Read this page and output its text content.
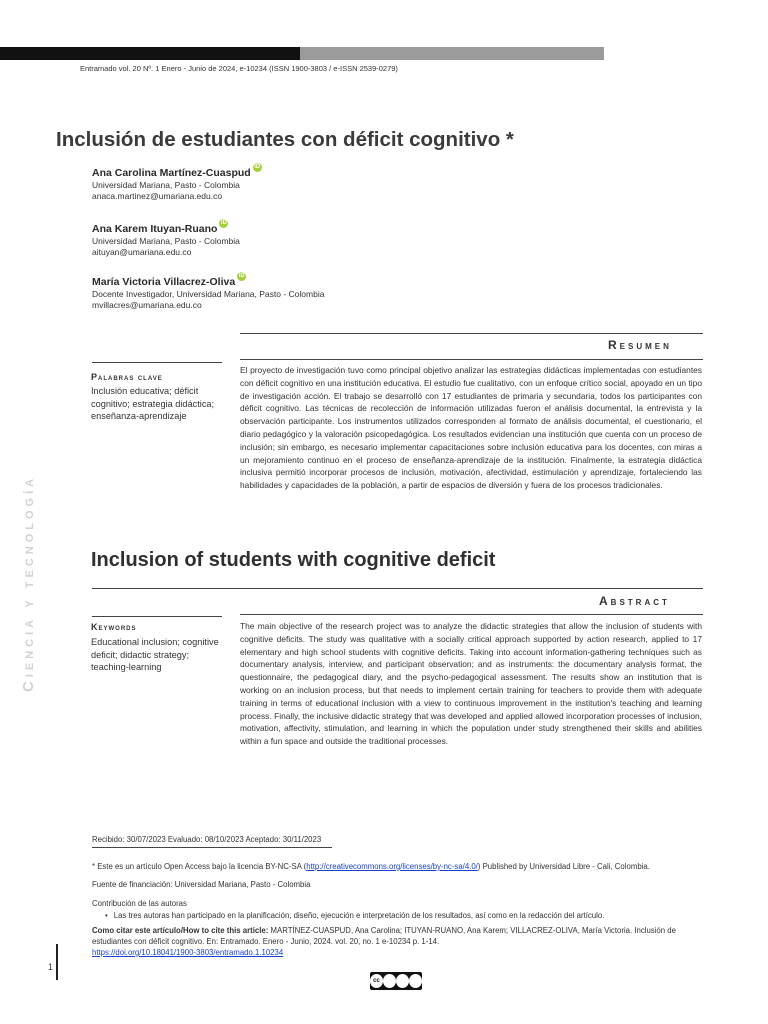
Entramado vol. 20 Nº. 1 Enero - Junio de 2024, e-10234 (ISSN 1900-3803 / e-ISSN 2539-0279)
Inclusión de estudiantes con déficit cognitivo *
Ana Carolina Martínez-Cuaspud iD
Universidad Mariana, Pasto - Colombia
anaca.martinez@umariana.edu.co
Ana Karem Ituyan-Ruano iD
Universidad Mariana, Pasto - Colombia
aituyan@umariana.edu.co
María Victoria Villacrez-Oliva iD
Docente Investigador, Universidad Mariana, Pasto - Colombia
mvillacres@umariana.edu.co
Resumen
Palabras clave
Inclusión educativa; déficit cognitivo; estrategia didáctica; enseñanza-aprendizaje

El proyecto de investigación tuvo como principal objetivo analizar las estrategias didácticas implementadas con estudiantes con déficit cognitivo en una institución educativa. El estudio fue cualitativo, con un enfoque crítico social, apoyado en un tipo de investigación acción. El trabajo se desarrolló con 17 estudiantes de primaria y secundaria, todos los participantes con déficit cognitivo. Las técnicas de recolección de información utilizadas fueron el análisis documental, la entrevista y la observación participante. Los instrumentos utilizados corresponden al formato de análisis documental, el cuestionario, el diario pedagógico y la valoración psicopedagógica. Los resultados evidencian una institución que cuenta con un proceso de inclusión; sin embargo, es necesario implementar capacitaciones sobre inclusión educativa para los docentes, con miras a un mejoramiento continuo en el proceso de enseñanza-aprendizaje de la institución. Finalmente, la estrategia didáctica inclusiva permitió incorporar procesos de inclusión, motivación, afectividad, estimulación y aprendizaje, fortaleciendo las habilidades y capacidades de la población, a partir de espacios de diversión y fuera de los procesos tradicionales.

Inclusion of students with cognitive deficit
Abstract
Keywords
Educational inclusion; cognitive deficit; didactic strategy; teaching-learning

The main objective of the research project was to analyze the didactic strategies that allow the inclusion of students with cognitive deficits. The study was qualitative with a socially critical approach supported by action research, applied to 17 elementary and high school students with cognitive deficits. Taking into account information-gathering techniques such as documentary analysis, interview, and participant observation; and as instruments: the documentary analysis format, the questionnaire, the pedagogical diary, and the psycho-pedagogical assessment. The results show an institution that is working on an inclusion process, but that needs to implement certain training for teachers to provide them with adequate training in terms of educational inclusion with a view to continuous improvement in the institution's teaching and learning process. Finally, the inclusive didactic strategy that was developed and applied allowed incorporation processes of inclusion, motivation, affectivity, stimulation, and learning in which the population under study strengthened their skills and abilities within a fun space and outside the traditional processes.

Ciencia y tecnología
Recibido: 30/07/2023 Evaluado: 08/10/2023 Aceptado: 30/11/2023
* Este es un artículo Open Access bajo la licencia BY-NC-SA (http://creativecommons.org/licenses/by-nc-sa/4.0/) Published by Universidad Libre - Cali, Colombia.
Fuente de financiación: Universidad Mariana, Pasto - Colombia
Contribución de las autoras
• Las tres autoras han participado en la planificación, diseño, ejecución e interpretación de los resultados, así como en la redacción del artículo.
Como citar este artículo/How to cite this article: MARTÍNEZ-CUASPUD, Ana Carolina; ITUYAN-RUANO, Ana Karem; VILLACREZ-OLIVA, María Victoria. Inclusión de estudiantes con déficit cognitivo. En: Entramado. Enero - Junio, 2024. vol. 20, no. 1 e-10234 p. 1-14.
https://doi.org/10.18041/1900-3803/entramado.1.10234
1
cc
